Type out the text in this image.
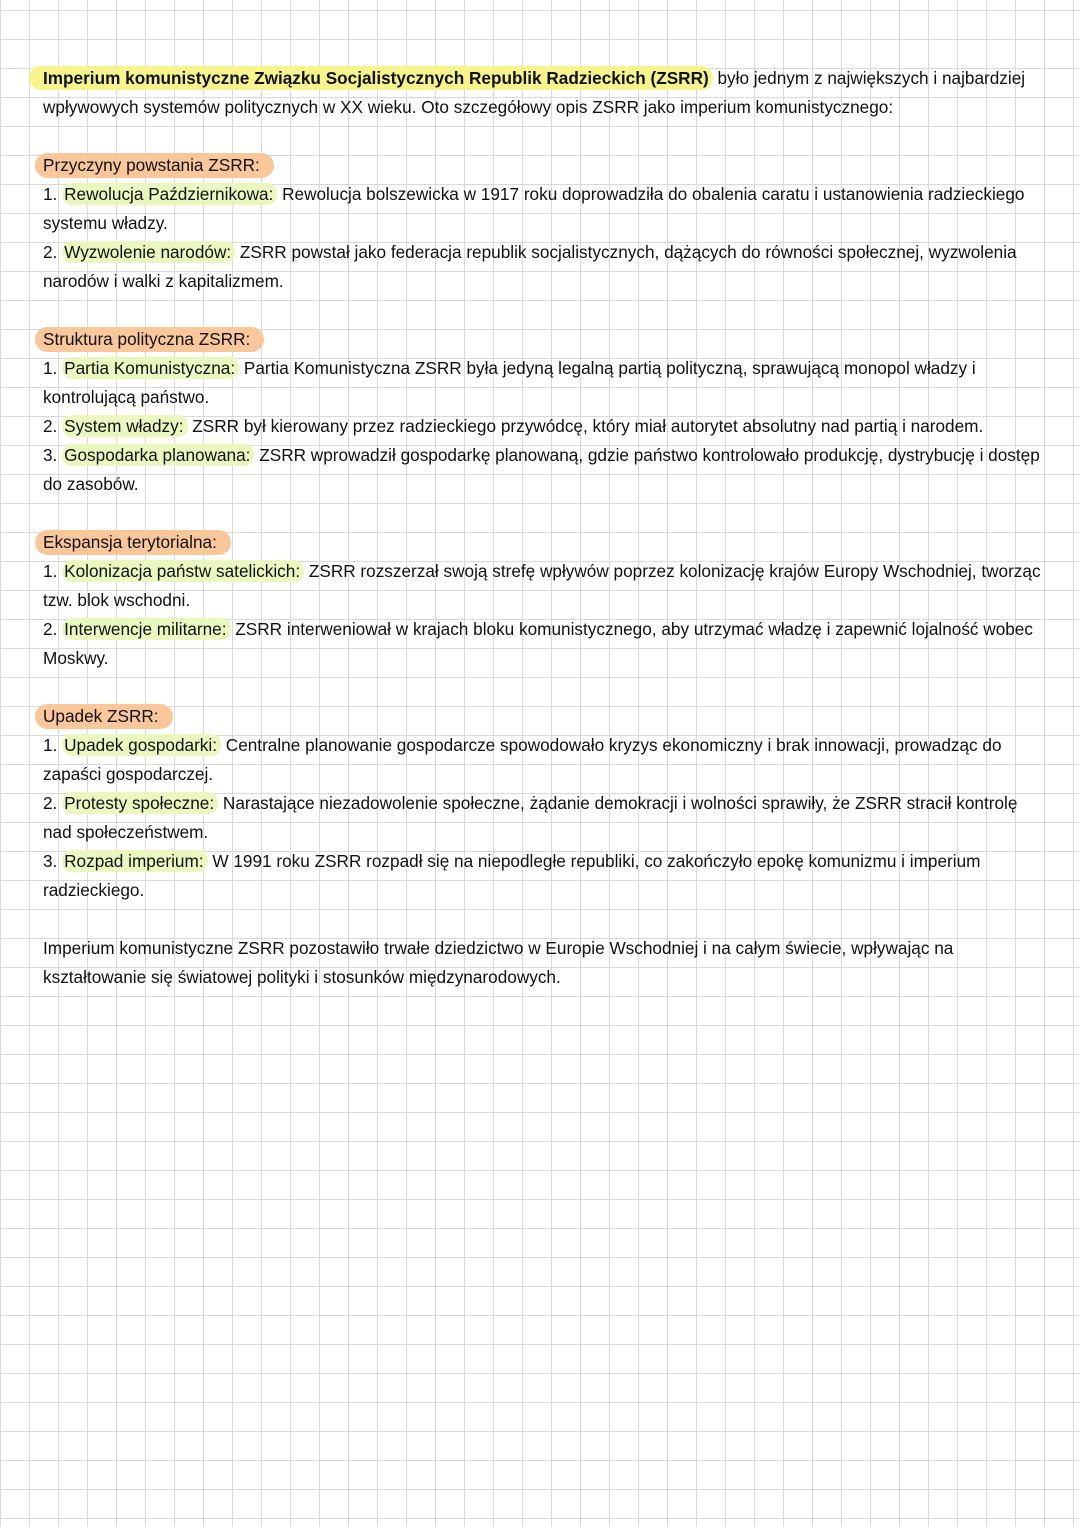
Imperium komunistyczne Związku Socjalistycznych Republik Radzieckich (ZSRR) było jednym z największych i najbardziej wpływowych systemów politycznych w XX wieku. Oto szczegółowy opis ZSRR jako imperium komunistycznego:

Przyczyny powstania ZSRR:

1. Rewolucja Październikowa: Rewolucja bolszewicka w 1917 roku doprowadziła do obalenia caratu i ustanowienia radzieckiego systemu władzy.

2. Wyzwolenie narodów: ZSRR powstał jako federacja republik socjalistycznych, dążących do równości społecznej, wyzwolenia narodów i walki z kapitalizmem.

Struktura polityczna ZSRR:

1. Partia Komunistyczna: Partia Komunistyczna ZSRR była jedyną legalną partią polityczną, sprawującą monopol władzy i kontrolującą państwo.

2. System władzy: ZSRR był kierowany przez radzieckiego przywódcę, który miał autorytet absolutny nad partią i narodem.

3. Gospodarka planowana: ZSRR wprowadził gospodarkę planowaną, gdzie państwo kontrolowało produkcję, dystrybucję i dostęp do zasobów.

Ekspansja terytorialna:

1. Kolonizacja państw satelickich: ZSRR rozszerzał swoją strefę wpływów poprzez kolonizację krajów Europy Wschodniej, tworząc tzw. blok wschodni.

2. Interwencje militarne: ZSRR interweniował w krajach bloku komunistycznego, aby utrzymać władzę i zapewnić lojalność wobec Moskwy.

Upadek ZSRR:

1. Upadek gospodarki: Centralne planowanie gospodarcze spowodowało kryzys ekonomiczny i brak innowacji, prowadząc do zapaści gospodarczej.

2. Protesty społeczne: Narastające niezadowolenie społeczne, żądanie demokracji i wolności sprawiły, że ZSRR stracił kontrolę nad społeczeństwem.

3. Rozpad imperium: W 1991 roku ZSRR rozpadł się na niepodległe republiki, co zakończyło epokę komunizmu i imperium radzieckiego.

Imperium komunistyczne ZSRR pozostawiło trwałe dziedzictwo w Europie Wschodniej i na całym świecie, wpływając na kształtowanie się światowej polityki i stosunków międzynarodowych.
